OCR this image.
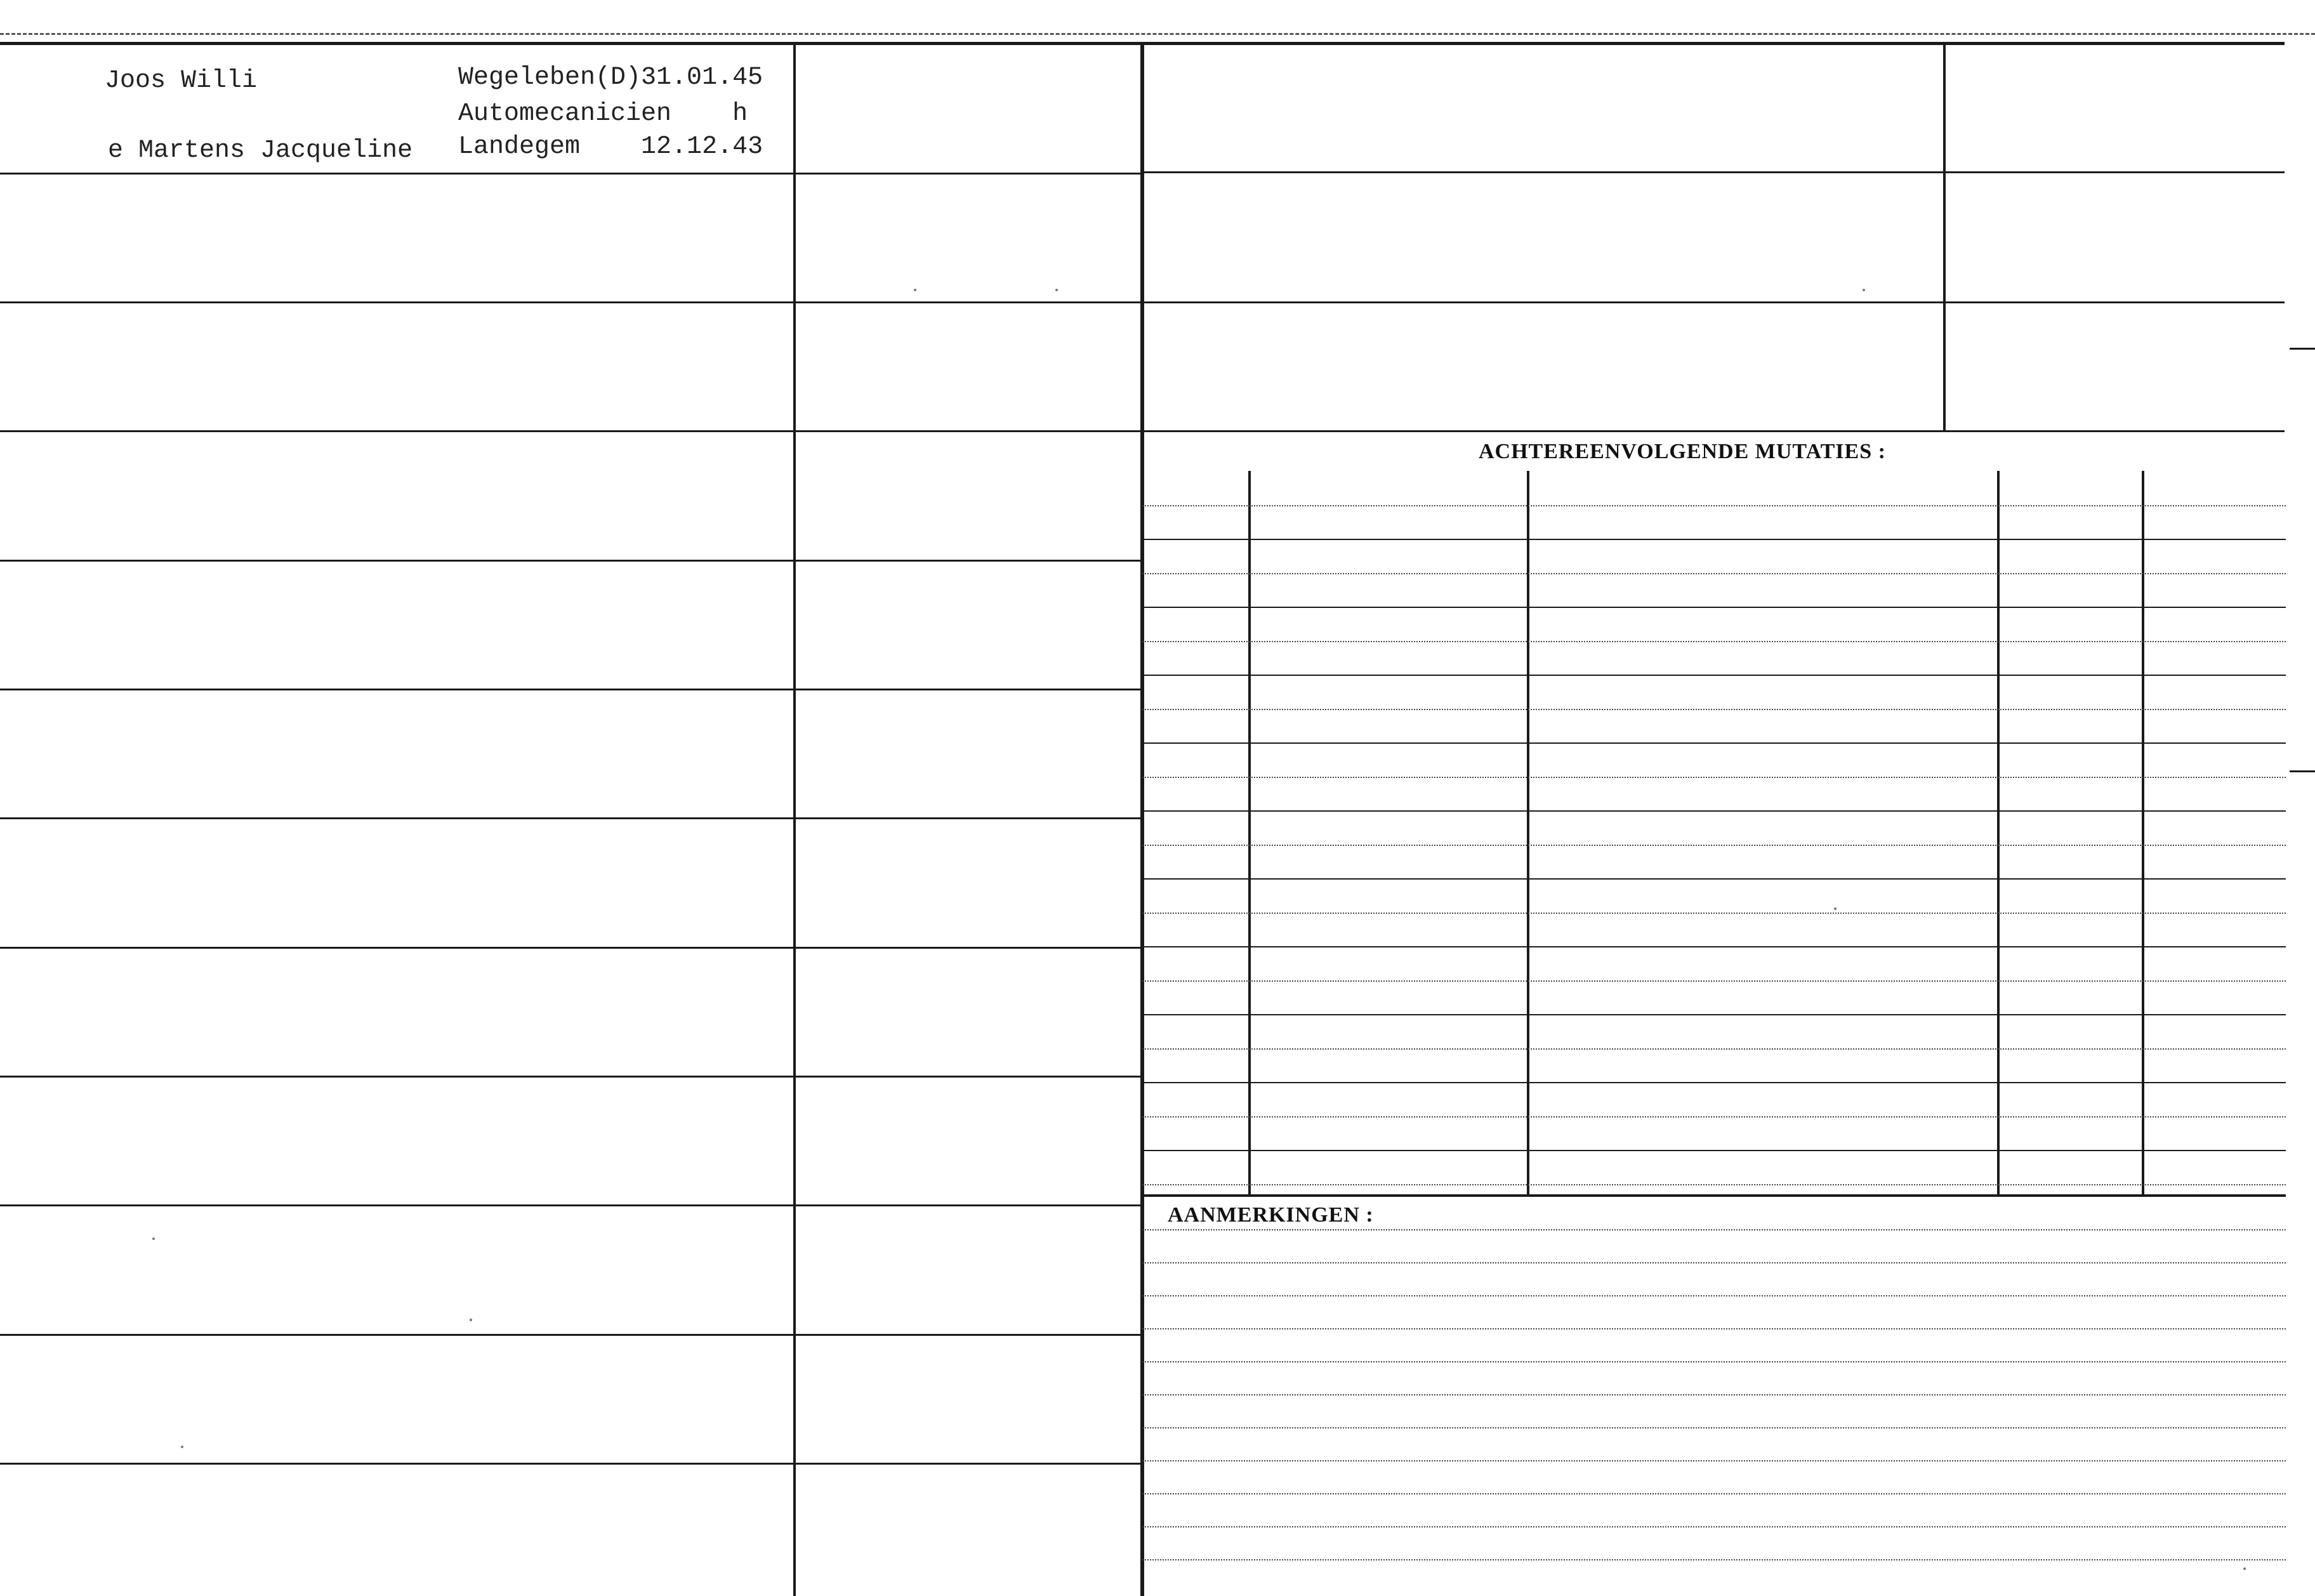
Joos Willi	Wegeleben(D)31.01.45
Automecanicien    h
e Martens Jacqueline Landegem    12.12.43
ACHTEREENVOLGENDE MUTATIES :
AANMERKINGEN :
